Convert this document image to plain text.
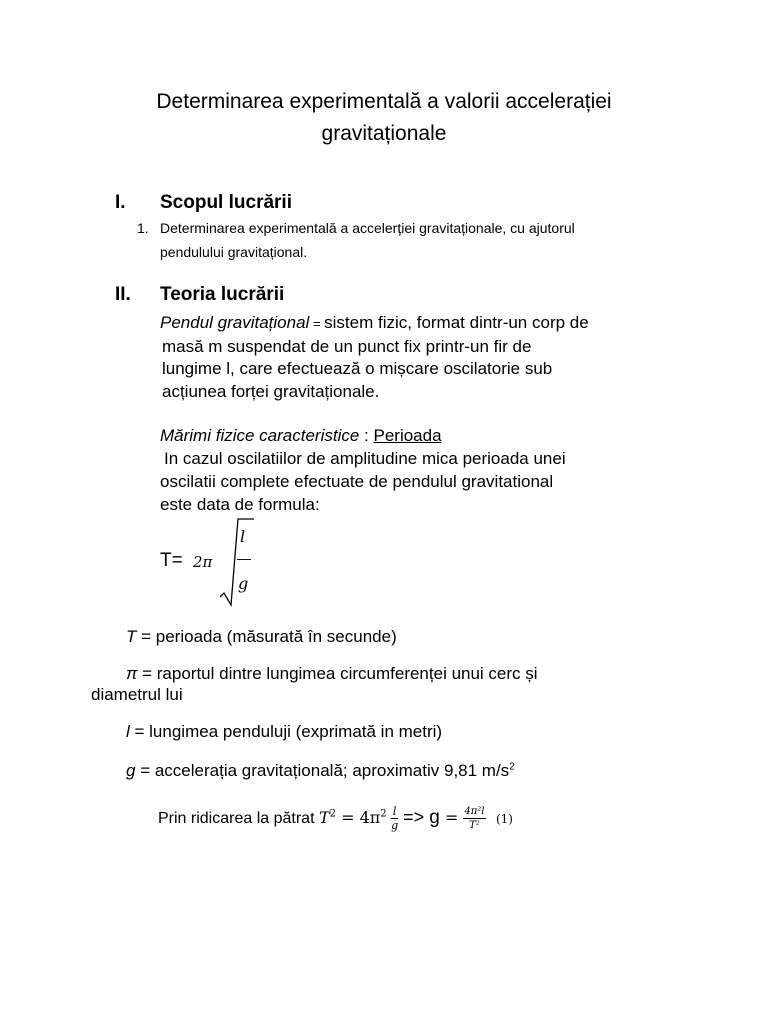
Determinarea experimentală a valorii accelerației
gravitaționale
I. Scopul lucrării
1. Determinarea experimentală a accelerției gravitaționale, cu ajutorul
pendulului gravitațional.
II. Teoria lucrării
Pendul gravitațional = sistem fizic, format dintr-un corp de
masă m suspendat de un punct fix printr-un fir de
lungime l, care efectuează o mișcare oscilatorie sub
acțiunea forței gravitaționale.
Mărimi fizice caracteristice : Perioada
In cazul oscilatiilor de amplitudine mica perioada unei
oscilatii complete efectuate de pendulul gravitational
este data de formula:
T= 2π
l
—
g
T = perioada (măsurată în secunde)
π = raportul dintre lungimea circumferenței unui cerc și
diametrul lui
l = lungimea penduluji (exprimată in metri)
g = accelerația gravitațională; aproximativ 9,81 $m/s^2$
Prin ridicarea la pătrat $T^2 = 4\pi^2 \frac{l}{g} => g = \frac{\text{4π²l}}{\text{T²}} (1)$
